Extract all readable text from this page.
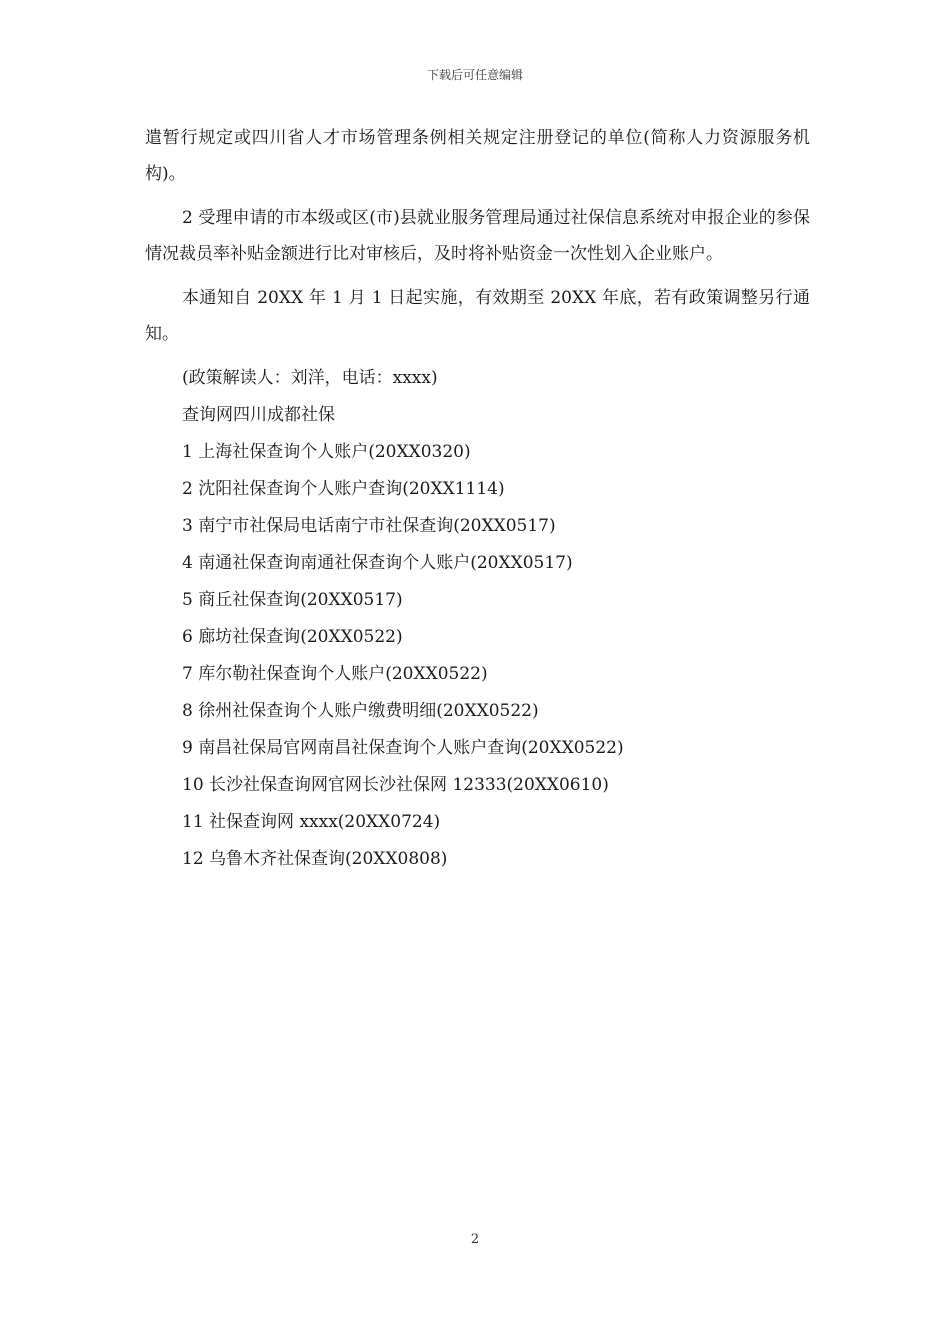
下载后可任意编辑

遣暂行规定或四川省人才市场管理条例相关规定注册登记的单位(简称人力资源服务机构)。

2 受理申请的市本级或区(市)县就业服务管理局通过社保信息系统对申报企业的参保情况裁员率补贴金额进行比对审核后，及时将补贴资金一次性划入企业账户。

本通知自 20XX 年 1 月 1 日起实施，有效期至 20XX 年底，若有政策调整另行通知。

(政策解读人：刘洋，电话：xxxx)

查询网四川成都社保

1 上海社保查询个人账户(20XX0320)

2 沈阳社保查询个人账户查询(20XX1114)

3 南宁市社保局电话南宁市社保查询(20XX0517)

4 南通社保查询南通社保查询个人账户(20XX0517)

5 商丘社保查询(20XX0517)

6 廊坊社保查询(20XX0522)

7 库尔勒社保查询个人账户(20XX0522)

8 徐州社保查询个人账户缴费明细(20XX0522)

9 南昌社保局官网南昌社保查询个人账户查询(20XX0522)

10 长沙社保查询网官网长沙社保网 12333(20XX0610)

11 社保查询网 xxxx(20XX0724)

12 乌鲁木齐社保查询(20XX0808)

2
